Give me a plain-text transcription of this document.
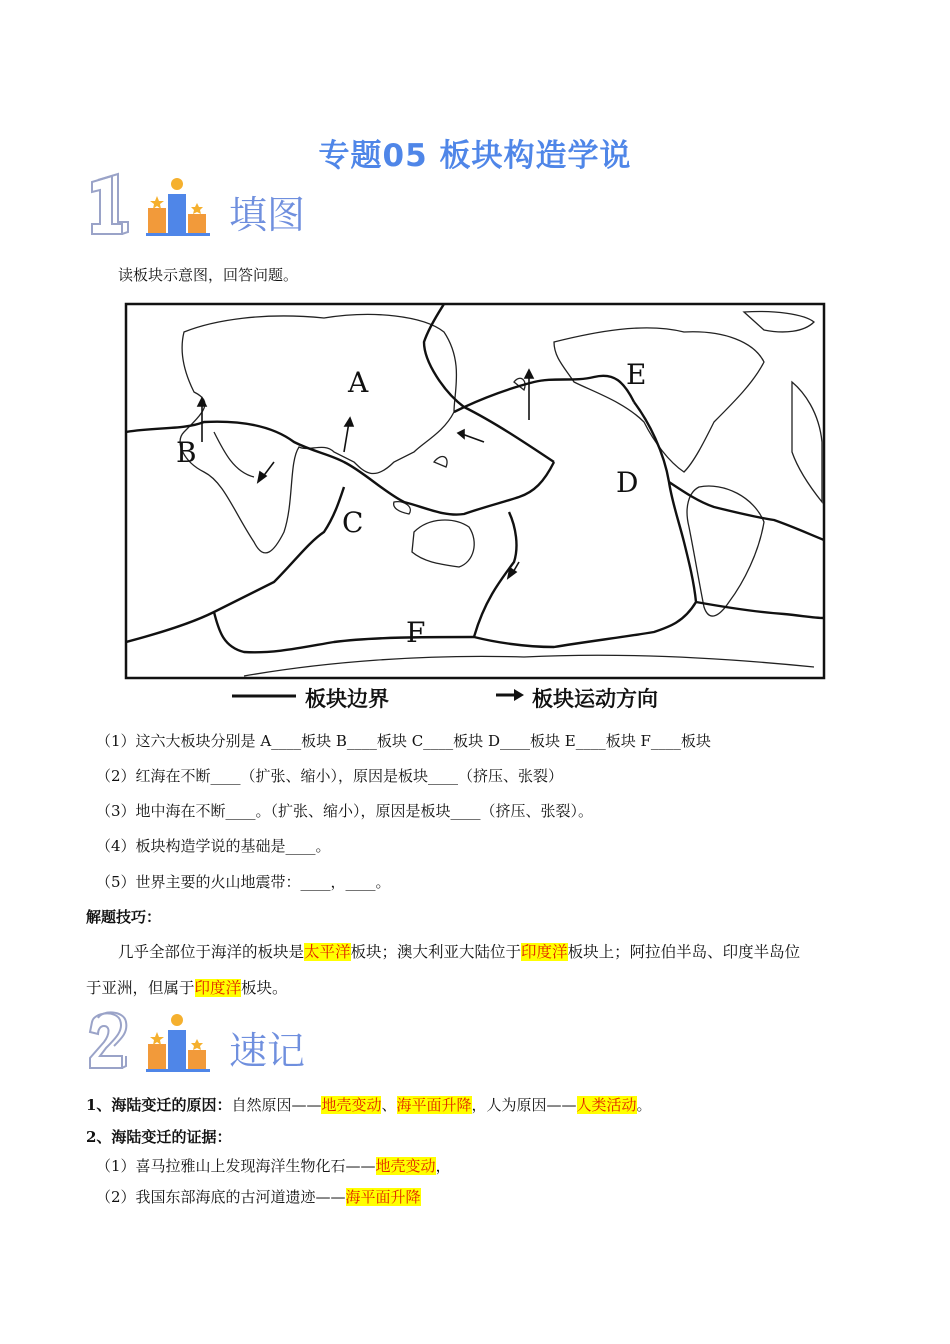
专题05 板块构造学说
填图
读板块示意图，回答问题。
A
B
C
D
E
F
板块边界	板块运动方向
（1）这六大板块分别是 A____板块 B____板块 C____板块 D____板块 E____板块 F____板块
（2）红海在不断____（扩张、缩小），原因是板块____（挤压、张裂）
（3）地中海在不断____。（扩张、缩小），原因是板块____（挤压、张裂）。
（4）板块构造学说的基础是____。
（5）世界主要的火山地震带：____，____。
解题技巧：
几乎全部位于海洋的板块是太平洋板块；澳大利亚大陆位于印度洋板块上；阿拉伯半岛、印度半岛位
于亚洲，但属于印度洋板块。
速记
1、海陆变迁的原因：自然原因——地壳变动、海平面升降，人为原因——人类活动。
2、海陆变迁的证据：
（1）喜马拉雅山上发现海洋生物化石——地壳变动，
（2）我国东部海底的古河道遗迹——海平面升降
